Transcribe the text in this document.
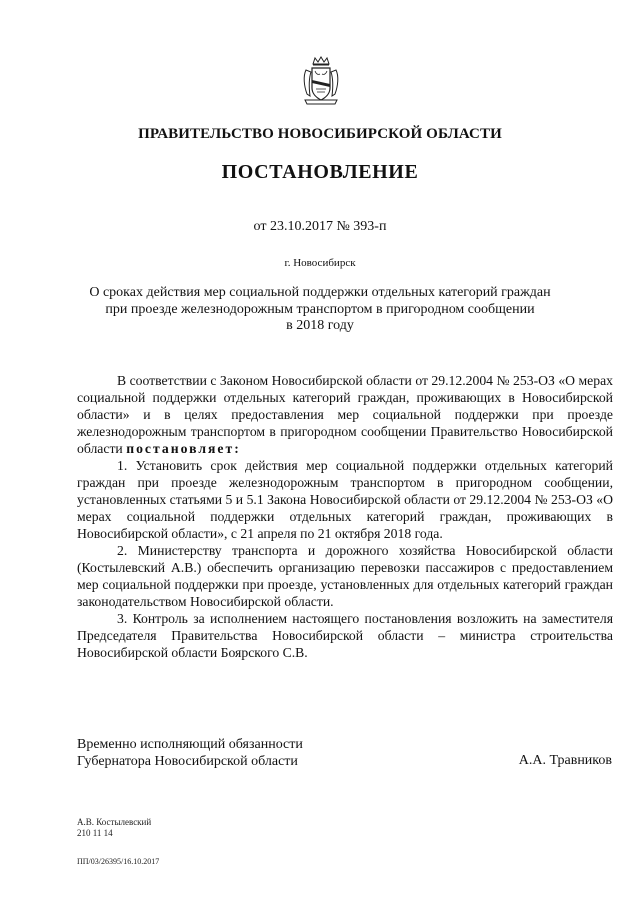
ПРАВИТЕЛЬСТВО НОВОСИБИРСКОЙ ОБЛАСТИ
ПОСТАНОВЛЕНИЕ
от 23.10.2017 № 393-п
г. Новосибирск
О сроках действия мер социальной поддержки отдельных категорий граждан
при проезде железнодорожным транспортом в пригородном сообщении
в 2018 году

В соответствии с Законом Новосибирской области от 29.12.2004 № 253-ОЗ «О мерах социальной поддержки отдельных категорий граждан, проживающих в Новосибирской области» и в целях предоставления мер социальной поддержки при проезде железнодорожным транспортом в пригородном сообщении Правительство Новосибирской области постановляет:

1. Установить срок действия мер социальной поддержки отдельных категорий граждан при проезде железнодорожным транспортом в пригородном сообщении, установленных статьями 5 и 5.1 Закона Новосибирской области от 29.12.2004 № 253-ОЗ «О мерах социальной поддержки отдельных категорий граждан, проживающих в Новосибирской области», с 21 апреля по 21 октября 2018 года.

2. Министерству транспорта и дорожного хозяйства Новосибирской области (Костылевский А.В.) обеспечить организацию перевозки пассажиров с предоставлением мер социальной поддержки при проезде, установленных для отдельных категорий граждан законодательством Новосибирской области.

3. Контроль за исполнением настоящего постановления возложить на заместителя Председателя Правительства Новосибирской области – министра строительства Новосибирской области Боярского С.В.

Временно исполняющий обязанности
Губернатора Новосибирской области	А.А. Травников
А.В. Костылевский
210 11 14
ПП/03/26395/16.10.2017
